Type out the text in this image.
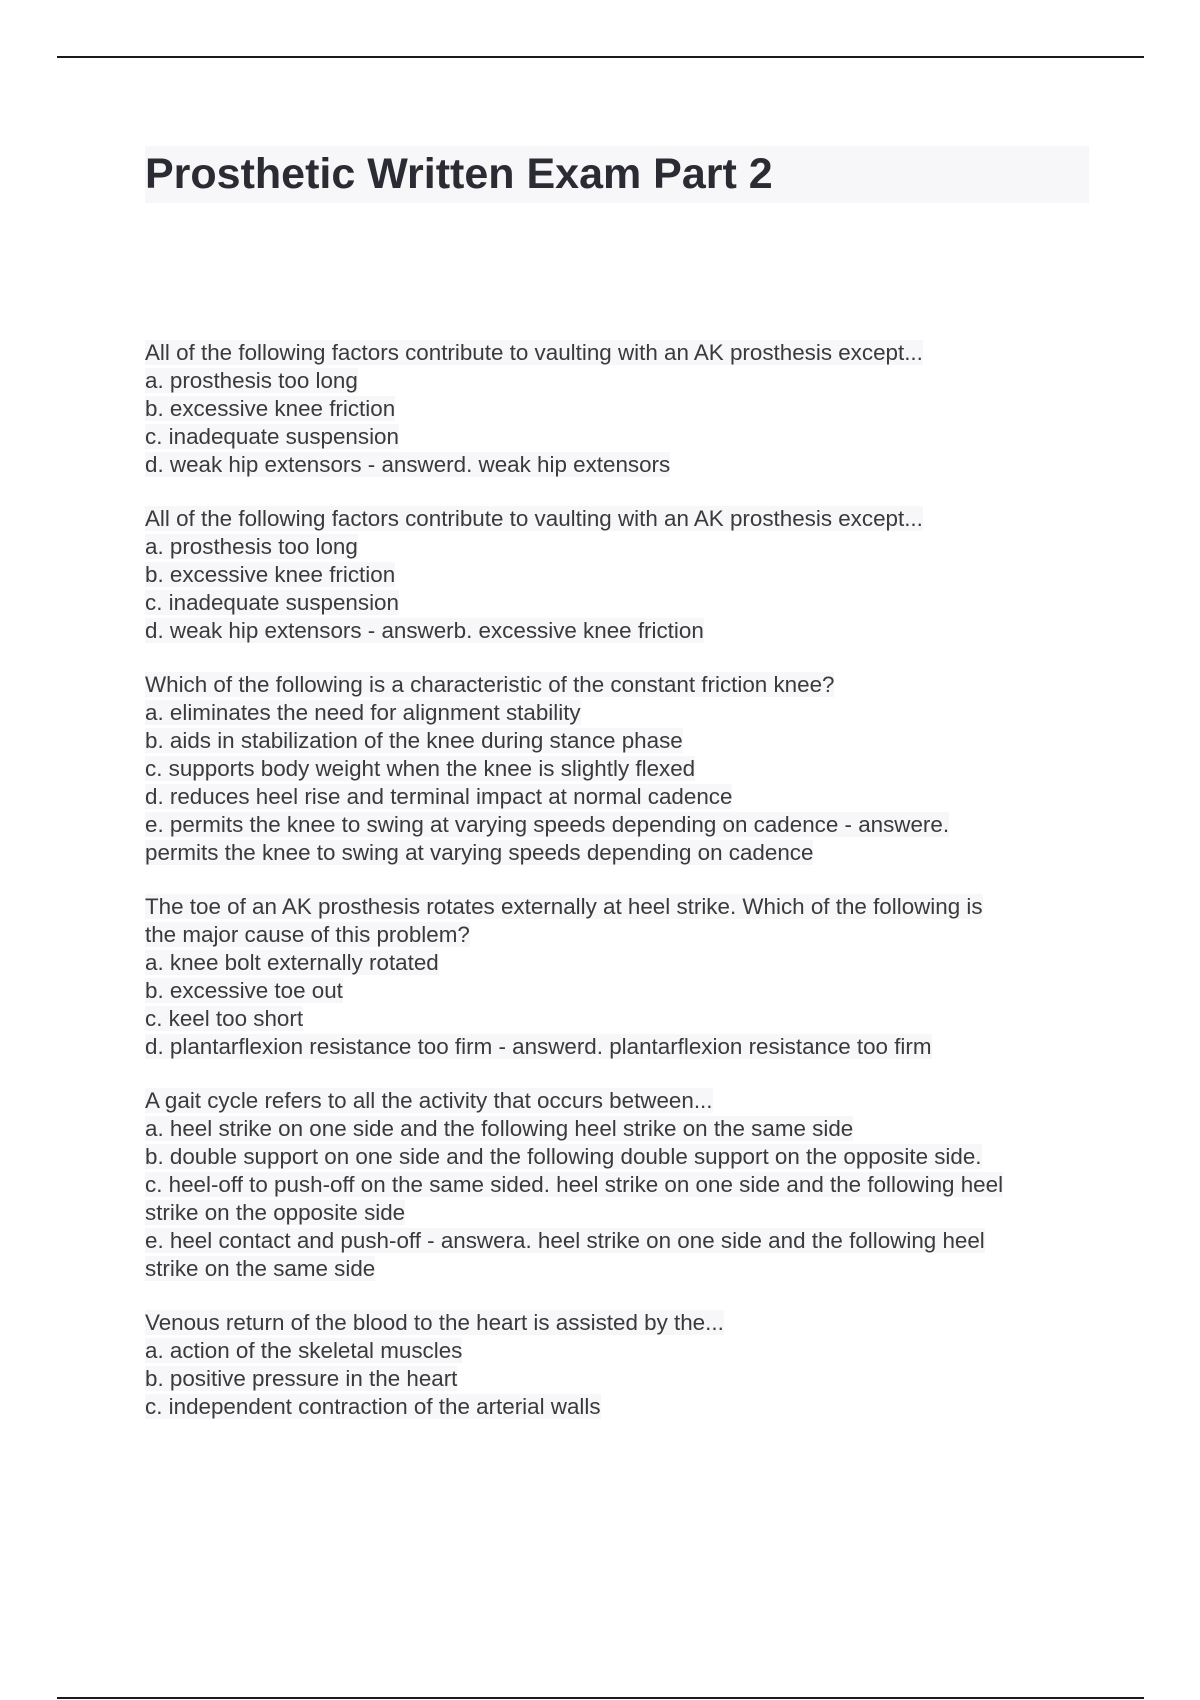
Prosthetic Written Exam Part 2
All of the following factors contribute to vaulting with an AK prosthesis except...
a. prosthesis too long
b. excessive knee friction
c. inadequate suspension
d. weak hip extensors - answerd. weak hip extensors
All of the following factors contribute to vaulting with an AK prosthesis except...
a. prosthesis too long
b. excessive knee friction
c. inadequate suspension
d. weak hip extensors - answerb. excessive knee friction
Which of the following is a characteristic of the constant friction knee?
a. eliminates the need for alignment stability
b. aids in stabilization of the knee during stance phase
c. supports body weight when the knee is slightly flexed
d. reduces heel rise and terminal impact at normal cadence
e. permits the knee to swing at varying speeds depending on cadence - answere.
permits the knee to swing at varying speeds depending on cadence
The toe of an AK prosthesis rotates externally at heel strike. Which of the following is
the major cause of this problem?
a. knee bolt externally rotated
b. excessive toe out
c. keel too short
d. plantarflexion resistance too firm - answerd. plantarflexion resistance too firm
A gait cycle refers to all the activity that occurs between...
a. heel strike on one side and the following heel strike on the same side
b. double support on one side and the following double support on the opposite side.
c. heel-off to push-off on the same sided. heel strike on one side and the following heel
strike on the opposite side
e. heel contact and push-off - answera. heel strike on one side and the following heel
strike on the same side
Venous return of the blood to the heart is assisted by the...
a. action of the skeletal muscles
b. positive pressure in the heart
c. independent contraction of the arterial walls
